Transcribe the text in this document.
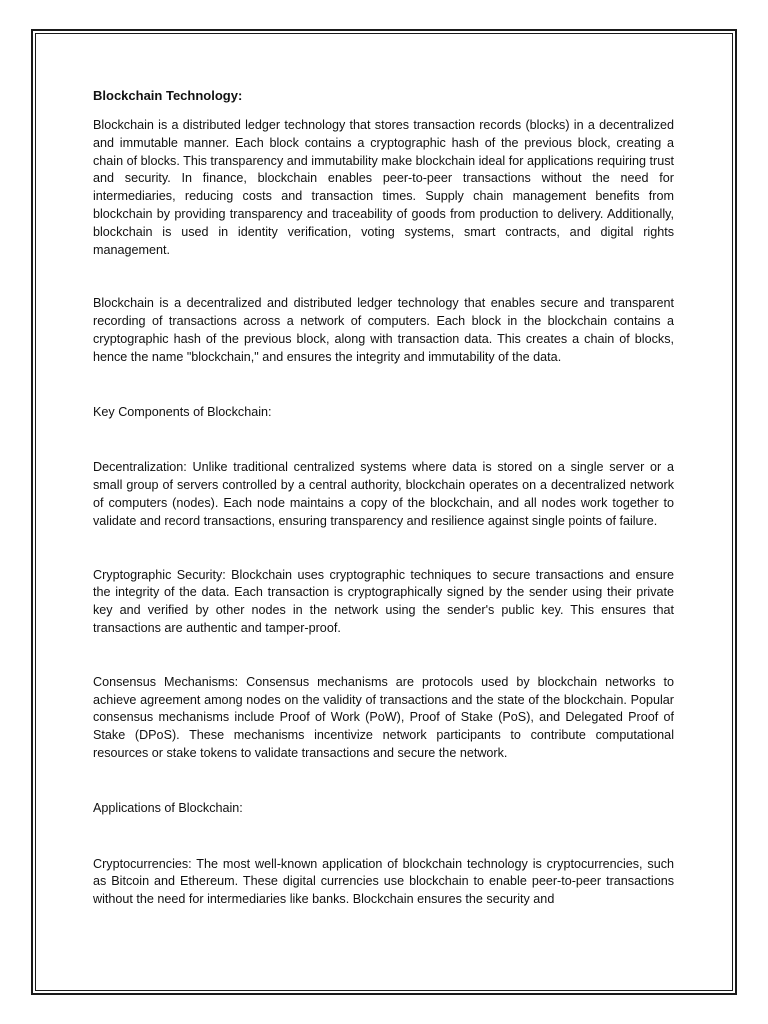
Blockchain Technology:

Blockchain is a distributed ledger technology that stores transaction records (blocks) in a decentralized and immutable manner. Each block contains a cryptographic hash of the previous block, creating a chain of blocks. This transparency and immutability make blockchain ideal for applications requiring trust and security. In finance, blockchain enables peer-to-peer transactions without the need for intermediaries, reducing costs and transaction times. Supply chain management benefits from blockchain by providing transparency and traceability of goods from production to delivery. Additionally, blockchain is used in identity verification, voting systems, smart contracts, and digital rights management.

Blockchain is a decentralized and distributed ledger technology that enables secure and transparent recording of transactions across a network of computers. Each block in the blockchain contains a cryptographic hash of the previous block, along with transaction data. This creates a chain of blocks, hence the name "blockchain," and ensures the integrity and immutability of the data.

Key Components of Blockchain:

Decentralization: Unlike traditional centralized systems where data is stored on a single server or a small group of servers controlled by a central authority, blockchain operates on a decentralized network of computers (nodes). Each node maintains a copy of the blockchain, and all nodes work together to validate and record transactions, ensuring transparency and resilience against single points of failure.

Cryptographic Security: Blockchain uses cryptographic techniques to secure transactions and ensure the integrity of the data. Each transaction is cryptographically signed by the sender using their private key and verified by other nodes in the network using the sender's public key. This ensures that transactions are authentic and tamper-proof.

Consensus Mechanisms: Consensus mechanisms are protocols used by blockchain networks to achieve agreement among nodes on the validity of transactions and the state of the blockchain. Popular consensus mechanisms include Proof of Work (PoW), Proof of Stake (PoS), and Delegated Proof of Stake (DPoS). These mechanisms incentivize network participants to contribute computational resources or stake tokens to validate transactions and secure the network.

Applications of Blockchain:

Cryptocurrencies: The most well-known application of blockchain technology is cryptocurrencies, such as Bitcoin and Ethereum. These digital currencies use blockchain to enable peer-to-peer transactions without the need for intermediaries like banks. Blockchain ensures the security and
